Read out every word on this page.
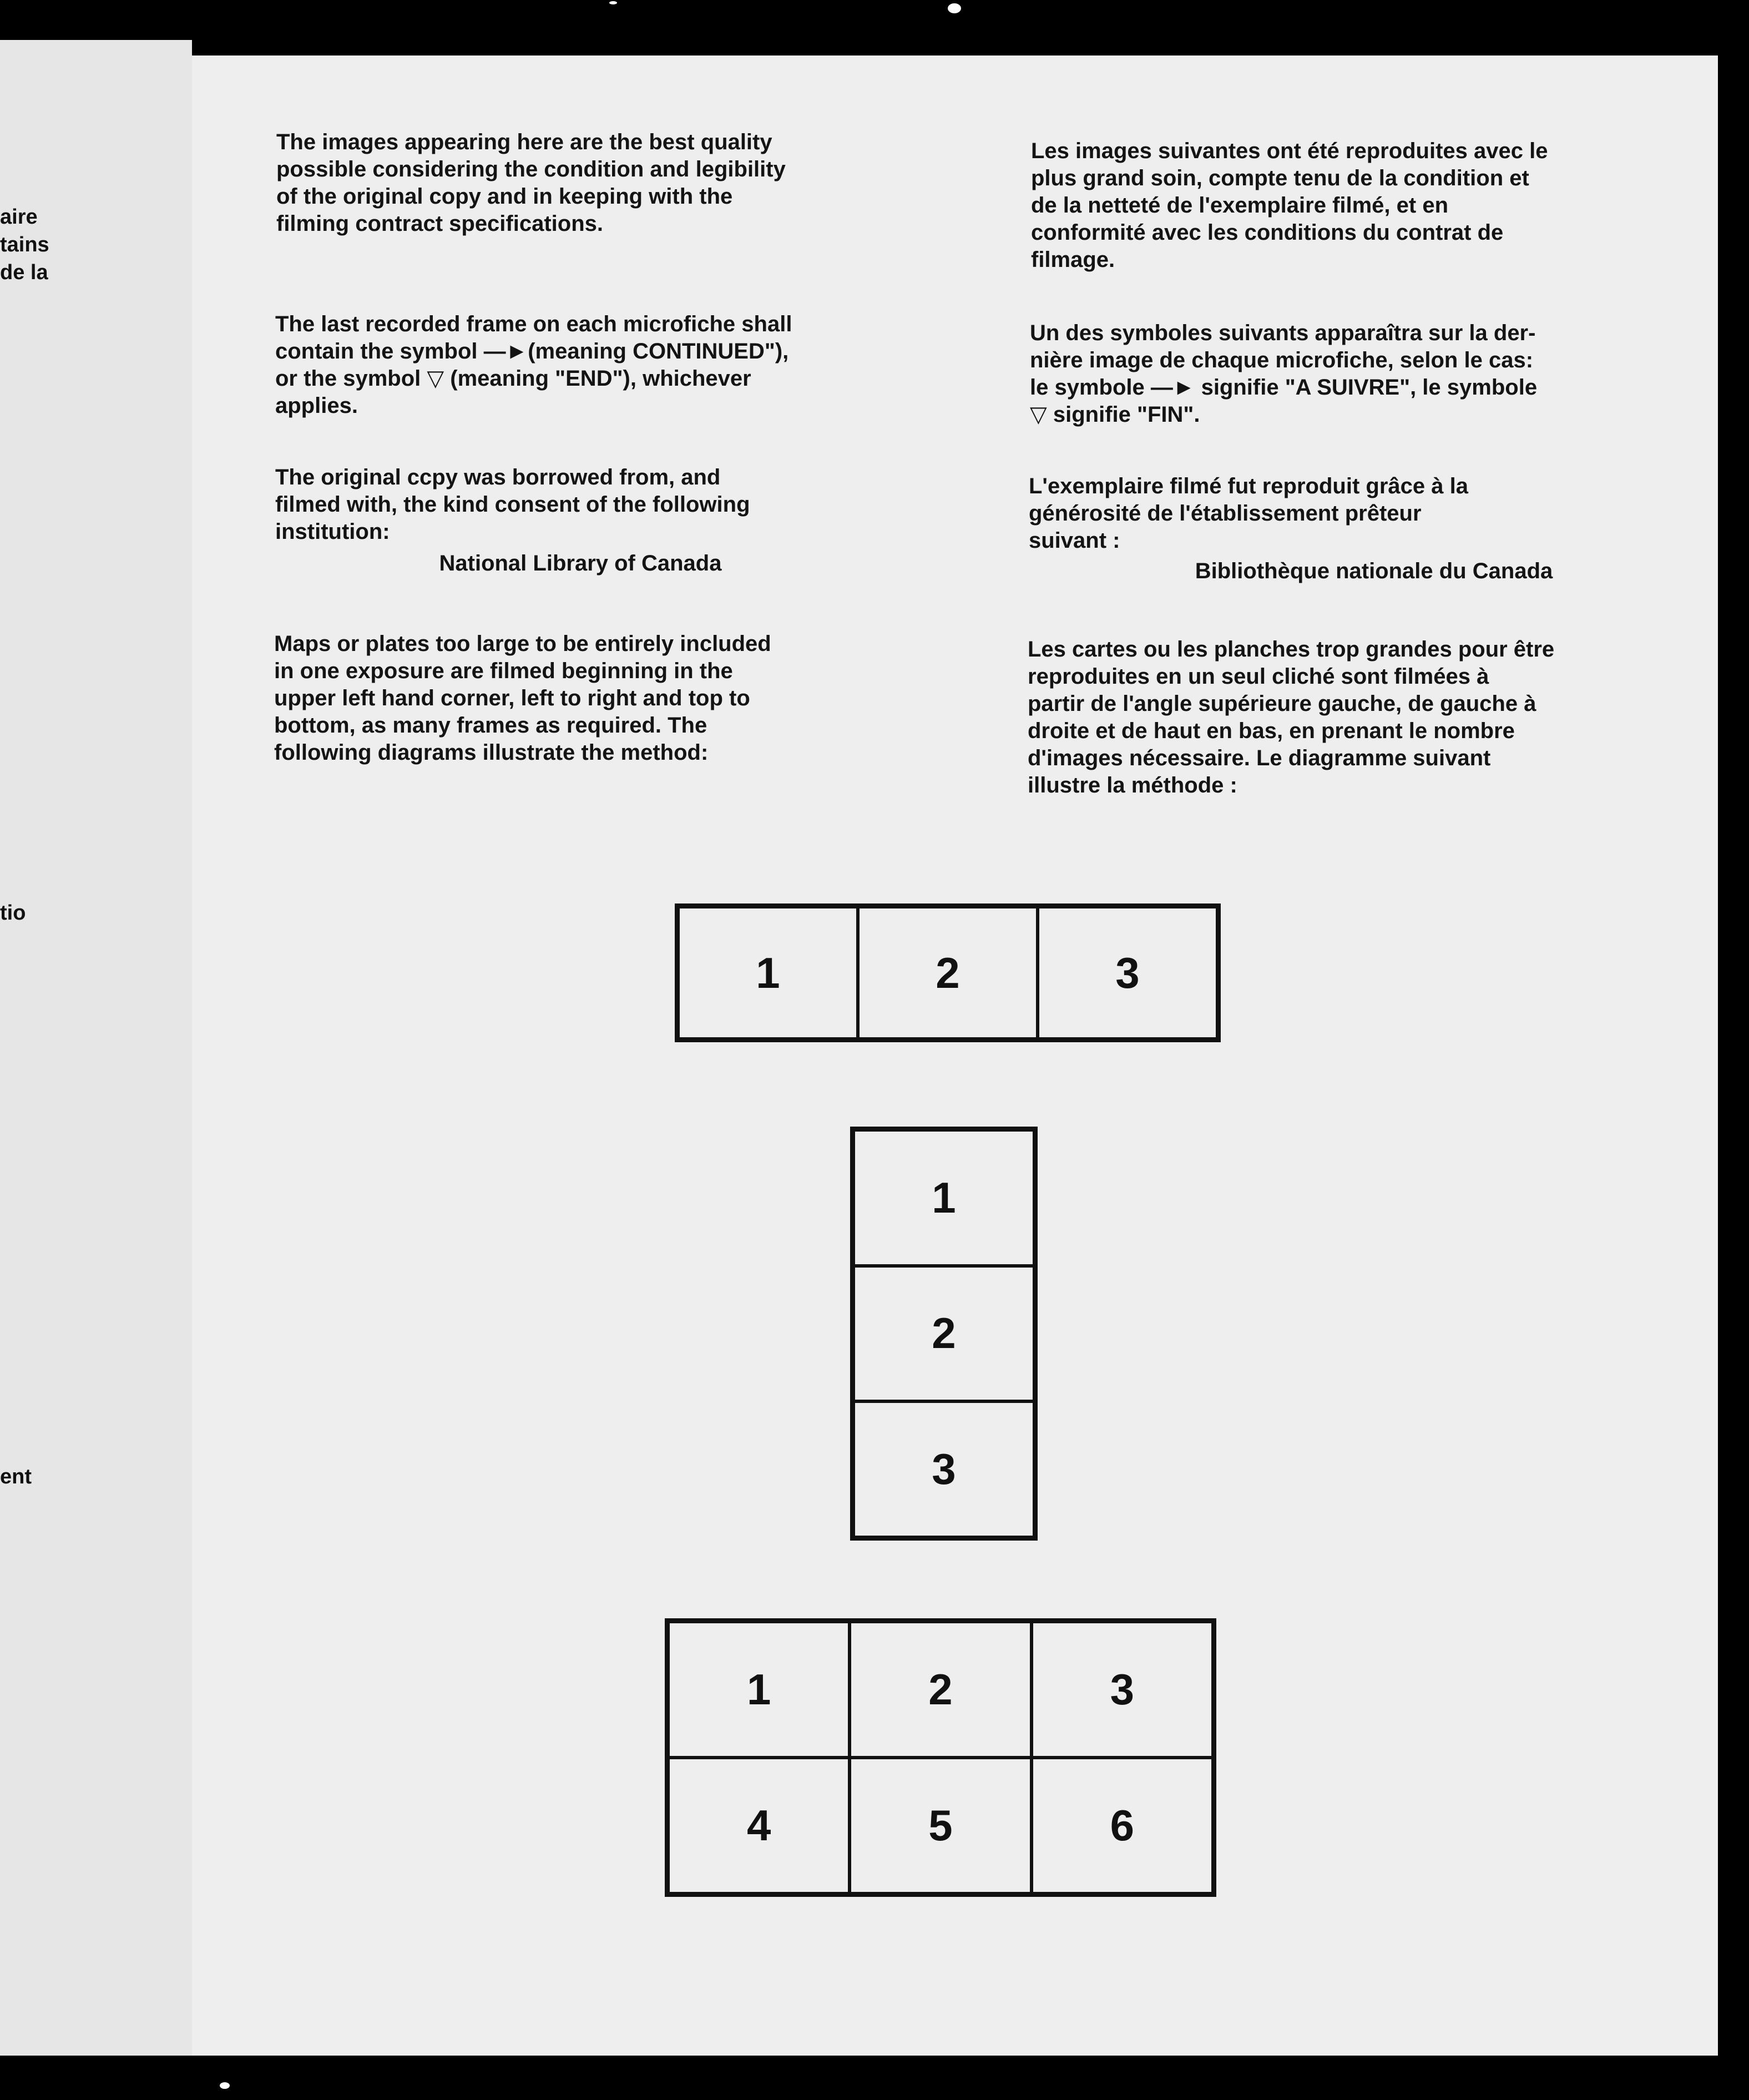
aire
tains
de la
tio
ent

The images appearing here are the best quality
possible considering the condition and legibility
of the original copy and in keeping with the
filming contract specifications.

The last recorded frame on each microfiche shall
contain the symbol —►(meaning CONTINUED"),
or the symbol ▽ (meaning "END"), whichever
applies.

The original ccpy was borrowed from, and
filmed with, the kind consent of the following
institution:

National Library of Canada

Maps or plates too large to be entirely included
in one exposure are filmed beginning in the
upper left hand corner, left to right and top to
bottom, as many frames as required. The
following diagrams illustrate the method:

Les images suivantes ont été reproduites avec le
plus grand soin, compte tenu de la condition et
de la netteté de l'exemplaire filmé, et en
conformité avec les conditions du contrat de
filmage.

Un des symboles suivants apparaîtra sur la der-
nière image de chaque microfiche, selon le cas:
le symbole —► signifie "A SUIVRE", le symbole
▽ signifie "FIN".

L'exemplaire filmé fut reproduit grâce à la
générosité de l'établissement prêteur
suivant :

Bibliothèque nationale du Canada

Les cartes ou les planches trop grandes pour être
reproduites en un seul cliché sont filmées à
partir de l'angle supérieure gauche, de gauche à
droite et de haut en bas, en prenant le nombre
d'images nécessaire. Le diagramme suivant
illustre la méthode :

1	2	3
1
2
3
1	2	3
4	5	6
